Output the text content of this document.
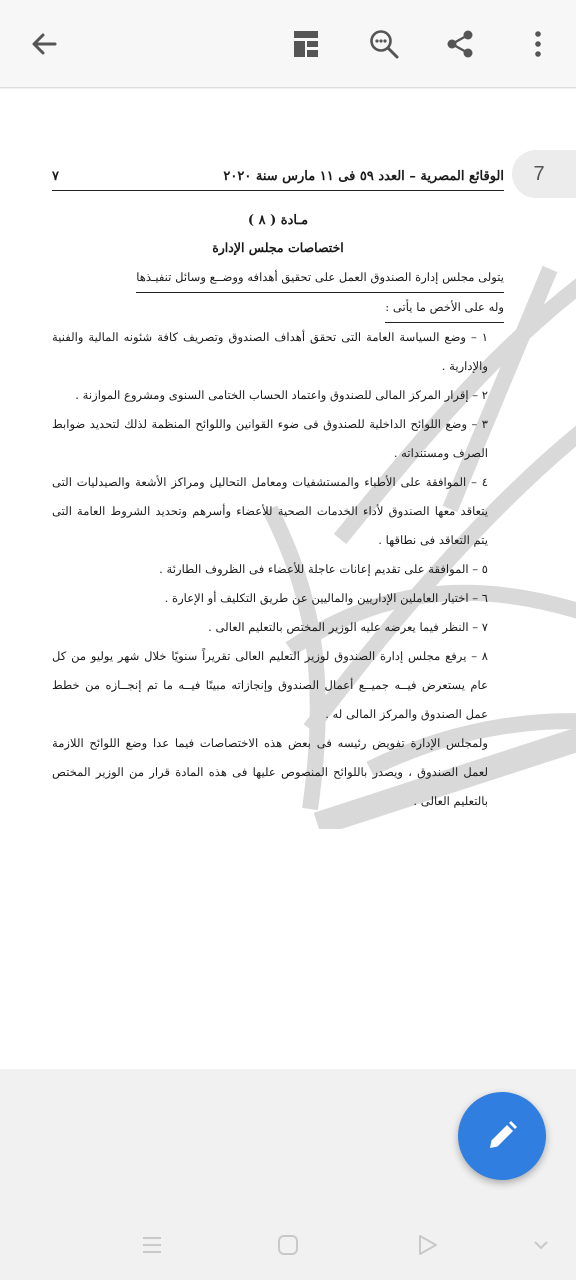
الوقائع المصرية – العدد ٥٩ فى ١١ مارس سنة ٢٠٢٠
٧
مـادة ( ٨ )
اختصاصات مجلس الإدارة
يتولى مجلس إدارة الصندوق العمل على تحقيق أهدافه ووضــع وسائل تنفيـذها
وله على الأخص ما يأتى :
١ – وضع السياسة العامة التى تحقق أهداف الصندوق وتصريف كافة شئونه المالية والفنية والإدارية .
٢ – إقرار المركز المالى للصندوق واعتماد الحساب الختامى السنوى ومشروع الموازنة .
٣ – وضع اللوائح الداخلية للصندوق فى ضوء القوانين واللوائح المنظمة لذلك لتحديد ضوابط الصرف ومستنداته .
٤ – الموافقة على الأطباء والمستشفيات ومعامل التحاليل ومراكز الأشعة والصيدليات التى يتعاقد معها الصندوق لأداء الخدمات الصحية للأعضاء وأسرهم وتحديد الشروط العامة التى يتم التعاقد فى نطاقها .
٥ – الموافقة على تقديم إعانات عاجلة للأعضاء فى الظروف الطارئة .
٦ – اختيار العاملين الإداريين والماليين عن طريق التكليف أو الإعارة .
٧ – النظر فيما يعرضه عليه الوزير المختص بالتعليم العالى .
٨ – يرفع مجلس إدارة الصندوق لوزير التعليم العالى تقريراً سنويًا خلال شهر يوليو من كل عام يستعرض فيــه جميــع أعمال الصندوق وإنجازاته مبينًا فيــه ما تم إنجــازه من خطط عمل الصندوق والمركز المالى له .
ولمجلس الإدارة تفويض رئيسه فى بعض هذه الاختصاصات فيما عدا وضع اللوائح اللازمة لعمل الصندوق ، ويصدر باللوائح المنصوص عليها فى هذه المادة قرار من الوزير المختص بالتعليم العالى .
7
